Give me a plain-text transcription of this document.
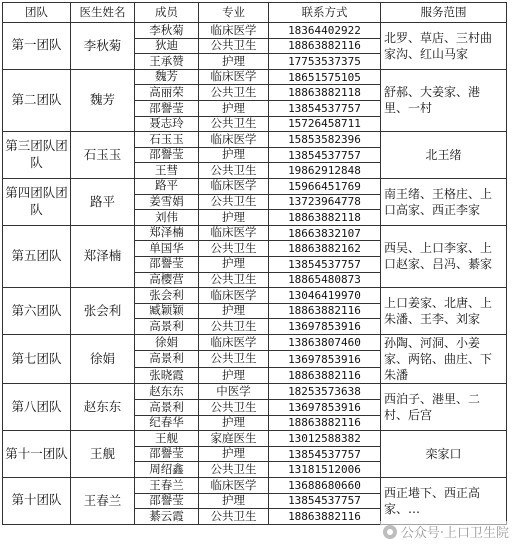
团队	医生姓名	成员	专业	联系方式	服务范围
第一团队	李秋菊	李秋菊	临床医学	18364402922	北罗、草店、三村曲家沟、红山马家
		狄迪	公共卫生	18863882116	
		王承赞	护理	17753537375	
第二团队	魏芳	魏芳	临床医学	18651575105	舒郝、大姜家、港里、一村
		高丽荣	公共卫生	18863882118	
		邵譽莹	护理	13854537757	
		聂志玲	公共卫生	15726458711	
第三团队团队	石玉玉	石玉玉	临床医学	15853582396	北王绪
		邵譽莹	护理	13854537757	
		王彗	公共卫生	19862912848	
第四团队团队	路平	路平	临床医学	15966451769	南王绪、王格庄、上口高家、西正李家
		姜雪娟	公共卫生	13723964778	
		刘伟	护理	18863882118	
第五团队	郑泽楠	郑泽楠	临床医学	18663832107	西吴、上口李家、上口赵家、吕冯、綦家
		单国华	公共卫生	18863882162	
		邵譽莹	护理	13854537757	
		高樱营	公共卫生	18865480873	
第六团队	张会利	张会利	临床医学	13046419970	上口姜家、北唐、上朱潘、王李、刘家
		臧颖颖	护理	18863882116	
		高景利	公共卫生	13697853916	
第七团队	徐娟	徐娟	临床医学	13863807460	孙陶、河洞、小姜家、两铭、曲庄、下朱潘
		高景利	公共卫生	13697853916	
		张晓霞	护理	18863882116	
第八团队	赵东东	赵东东	中医学	18253573638	西泊子、港里、二村、后宫
		高景利	公共卫生	13697853916	
		纪春华	护理	18863882116	
第十一团队	王舰	王舰	家庭医生	13012588382	栾家口
		邵譽莹	护理	13854537757	
		周绍鑫	公共卫生	13181512006	
第十团队	王春兰	王春兰	临床医学	13688680660	西正塂下、西正高家、…
		邵譽莹	护理	13854537757	
		綦云霞	公共卫生	18863882116	
公众号·上口卫生院
